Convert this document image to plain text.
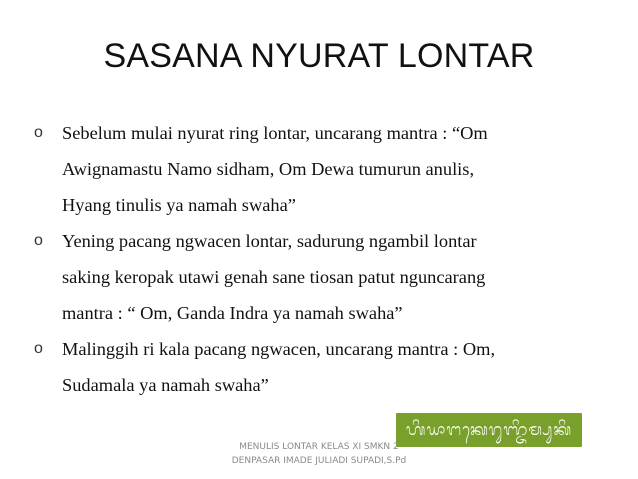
SASANA NYURAT LONTAR
o Sebelum mulai nyurat ring lontar, uncarang mantra : “Om
Awignamastu Namo sidham, Om Dewa tumurun anulis,
Hyang tinulis ya namah swaha”
o Yening pacang ngwacen lontar, sadurung ngambil lontar
saking keropak utawi genah sane tiosan patut nguncarang
mantra : “ Om, Ganda Indra ya namah swaha”
o Malinggih ri kala pacang ngwacen, uncarang mantra : Om,
Sudamala ya namah swaha”
ᬳᬶᬬᬵᬗᬓᬾᬭᬸᬜ᭄ᬚᬶᬫ᭄ᬧᬸᬓᬶ
MENULIS LONTAR KELAS XI SMKN 2
DENPASAR IMADE JULIADI SUPADI,S.Pd
